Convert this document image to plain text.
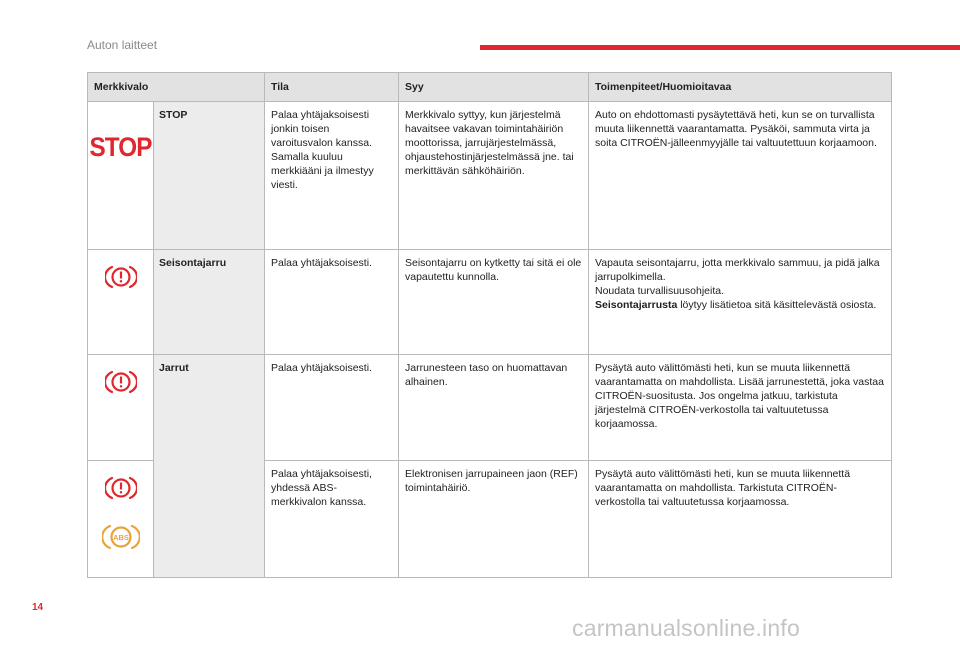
Auton laitteet
Merkkivalo		Tila	Syy	Toimenpiteet/Huomioitavaa

STOP	STOP	Palaa yhtäjaksoisesti jonkin toisen varoitusvalon kanssa. Samalla kuuluu merkkiääni ja ilmestyy viesti.	Merkkivalo syttyy, kun järjestelmä havaitsee vakavan toimintahäiriön moottorissa, jarrujärjestelmässä, ohjaustehostinjärjestelmässä jne. tai merkittävän sähköhäiriön.	Auto on ehdottomasti pysäytettävä heti, kun se on turvallista muuta liikennettä vaarantamatta. Pysäköi, sammuta virta ja soita CITROËN-jälleenmyyjälle tai valtuutettuun korjaamoon.

	Seisontajarru	Palaa yhtäjaksoisesti.	Seisontajarru on kytketty tai sitä ei ole vapautettu kunnolla.	Vapauta seisontajarru, jotta merkkivalo sammuu, ja pidä jalka jarrupolkimella.
Noudata turvallisuusohjeita.
Seisontajarrusta löytyy lisätietoa sitä käsittelevästä osiosta.

	Jarrut	Palaa yhtäjaksoisesti.	Jarrunesteen taso on huomattavan alhainen.	Pysäytä auto välittömästi heti, kun se muuta liikennettä vaarantamatta on mahdollista. Lisää jarrunestettä, joka vastaa CITROËN-suositusta. Jos ongelma jatkuu, tarkistuta järjestelmä CITROËN-verkostolla tai valtuutetussa korjaamossa.

ABS		Palaa yhtäjaksoisesti, yhdessä ABS-merkkivalon kanssa.	Elektronisen jarrupaineen jaon (REF) toimintahäiriö.	Pysäytä auto välittömästi heti, kun se muuta liikennettä vaarantamatta on mahdollista. Tarkistuta CITROËN-verkostolla tai valtuutetussa korjaamossa.
14
carmanualsonline.info
